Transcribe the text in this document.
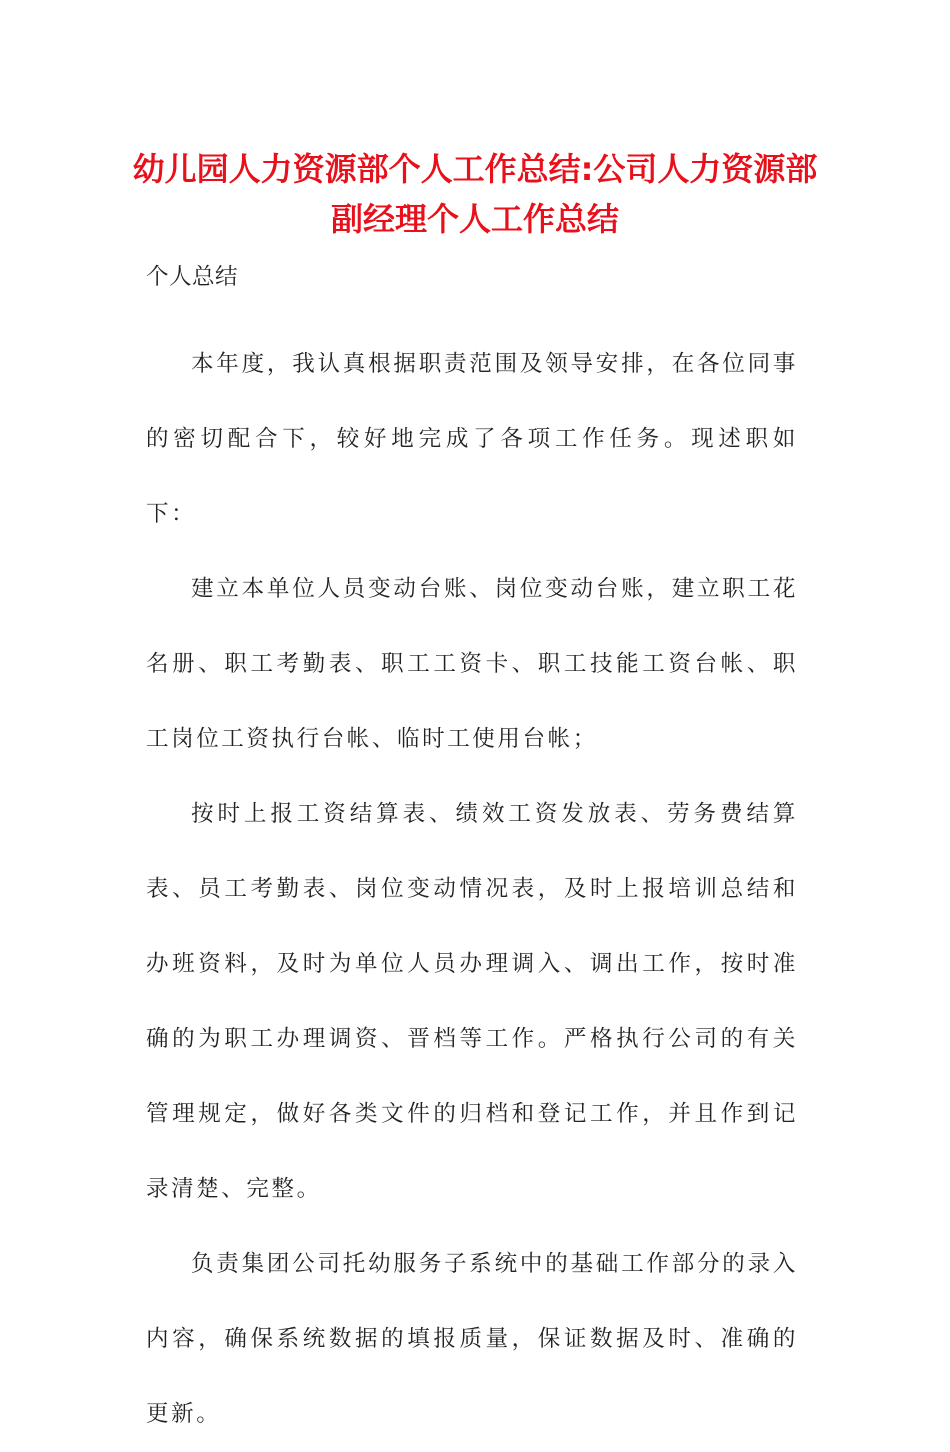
幼儿园人力资源部个人工作总结:公司人力资源部副经理个人工作总结

个人总结

本年度，我认真根据职责范围及领导安排，在各位同事的密切配合下，较好地完成了各项工作任务。现述职如下：

建立本单位人员变动台账、岗位变动台账，建立职工花名册、职工考勤表、职工工资卡、职工技能工资台帐、职工岗位工资执行台帐、临时工使用台帐；

按时上报工资结算表、绩效工资发放表、劳务费结算表、员工考勤表、岗位变动情况表，及时上报培训总结和办班资料，及时为单位人员办理调入、调出工作，按时准确的为职工办理调资、晋档等工作。严格执行公司的有关管理规定，做好各类文件的归档和登记工作，并且作到记录清楚、完整。

负责集团公司托幼服务子系统中的基础工作部分的录入内容，确保系统数据的填报质量，保证数据及时、准确的更新。
